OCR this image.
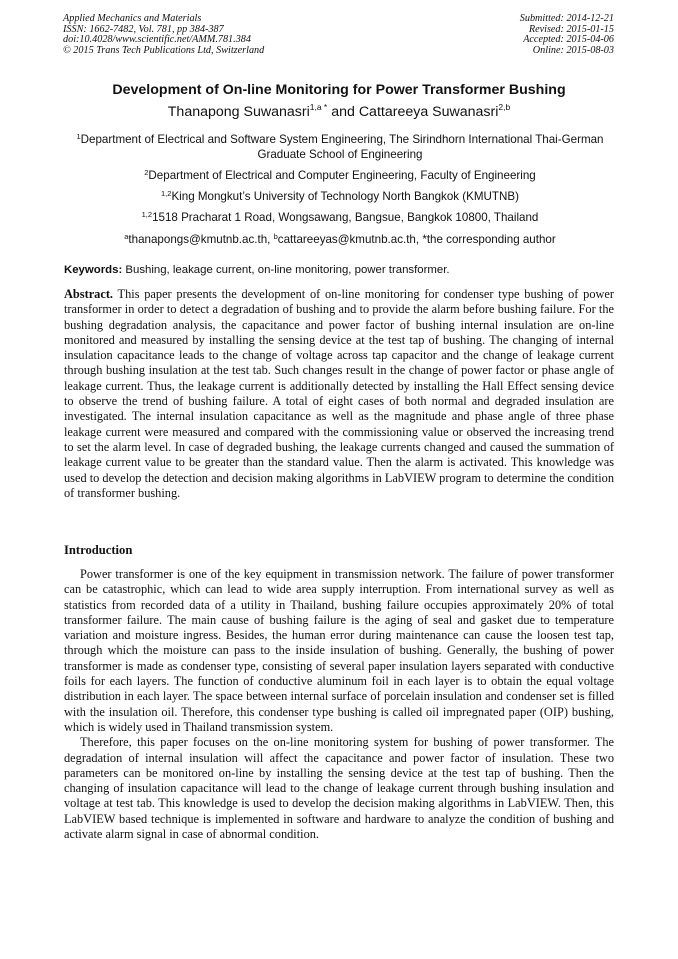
Applied Mechanics and Materials
ISSN: 1662-7482, Vol. 781, pp 384-387
doi:10.4028/www.scientific.net/AMM.781.384
© 2015 Trans Tech Publications Ltd, Switzerland
Submitted: 2014-12-21
Revised: 2015-01-15
Accepted: 2015-04-06
Online: 2015-08-03
Development of On-line Monitoring for Power Transformer Bushing
Thanapong Suwanasri$^{1,a *}$ and Cattareeya Suwanasri$^{2,b}$
$^1$Department of Electrical and Software System Engineering, The Sirindhorn International Thai-German Graduate School of Engineering
$^2$Department of Electrical and Computer Engineering, Faculty of Engineering
$^{1,2}$King Mongkut’s University of Technology North Bangkok (KMUTNB)
$^{1,2}$1518 Pracharat 1 Road, Wongsawang, Bangsue, Bangkok 10800, Thailand
$^a$thanapongs@kmutnb.ac.th, $^b$cattareeyas@kmutnb.ac.th, *the corresponding author
Keywords: Bushing, leakage current, on-line monitoring, power transformer.

Abstract. This paper presents the development of on-line monitoring for condenser type bushing of power transformer in order to detect a degradation of bushing and to provide the alarm before bushing failure. For the bushing degradation analysis, the capacitance and power factor of bushing internal insulation are on-line monitored and measured by installing the sensing device at the test tap of bushing. The changing of internal insulation capacitance leads to the change of voltage across tap capacitor and the change of leakage current through bushing insulation at the test tab. Such changes result in the change of power factor or phase angle of leakage current. Thus, the leakage current is additionally detected by installing the Hall Effect sensing device to observe the trend of bushing failure. A total of eight cases of both normal and degraded insulation are investigated. The internal insulation capacitance as well as the magnitude and phase angle of three phase leakage current were measured and compared with the commissioning value or observed the increasing trend to set the alarm level. In case of degraded bushing, the leakage currents changed and caused the summation of leakage current value to be greater than the standard value. Then the alarm is activated. This knowledge was used to develop the detection and decision making algorithms in LabVIEW program to determine the condition of transformer bushing.

Introduction

Power transformer is one of the key equipment in transmission network. The failure of power transformer can be catastrophic, which can lead to wide area supply interruption. From international survey as well as statistics from recorded data of a utility in Thailand, bushing failure occupies approximately 20% of total transformer failure. The main cause of bushing failure is the aging of seal and gasket due to temperature variation and moisture ingress. Besides, the human error during maintenance can cause the loosen test tap, through which the moisture can pass to the inside insulation of bushing. Generally, the bushing of power transformer is made as condenser type, consisting of several paper insulation layers separated with conductive foils for each layers. The function of conductive aluminum foil in each layer is to obtain the equal voltage distribution in each layer. The space between internal surface of porcelain insulation and condenser set is filled with the insulation oil. Therefore, this condenser type bushing is called oil impregnated paper (OIP) bushing, which is widely used in Thailand transmission system.

Therefore, this paper focuses on the on-line monitoring system for bushing of power transformer. The degradation of internal insulation will affect the capacitance and power factor of insulation. These two parameters can be monitored on-line by installing the sensing device at the test tap of bushing. Then the changing of insulation capacitance will lead to the change of leakage current through bushing insulation and voltage at test tab. This knowledge is used to develop the decision making algorithms in LabVIEW. Then, this LabVIEW based technique is implemented in software and hardware to analyze the condition of bushing and activate alarm signal in case of abnormal condition.
